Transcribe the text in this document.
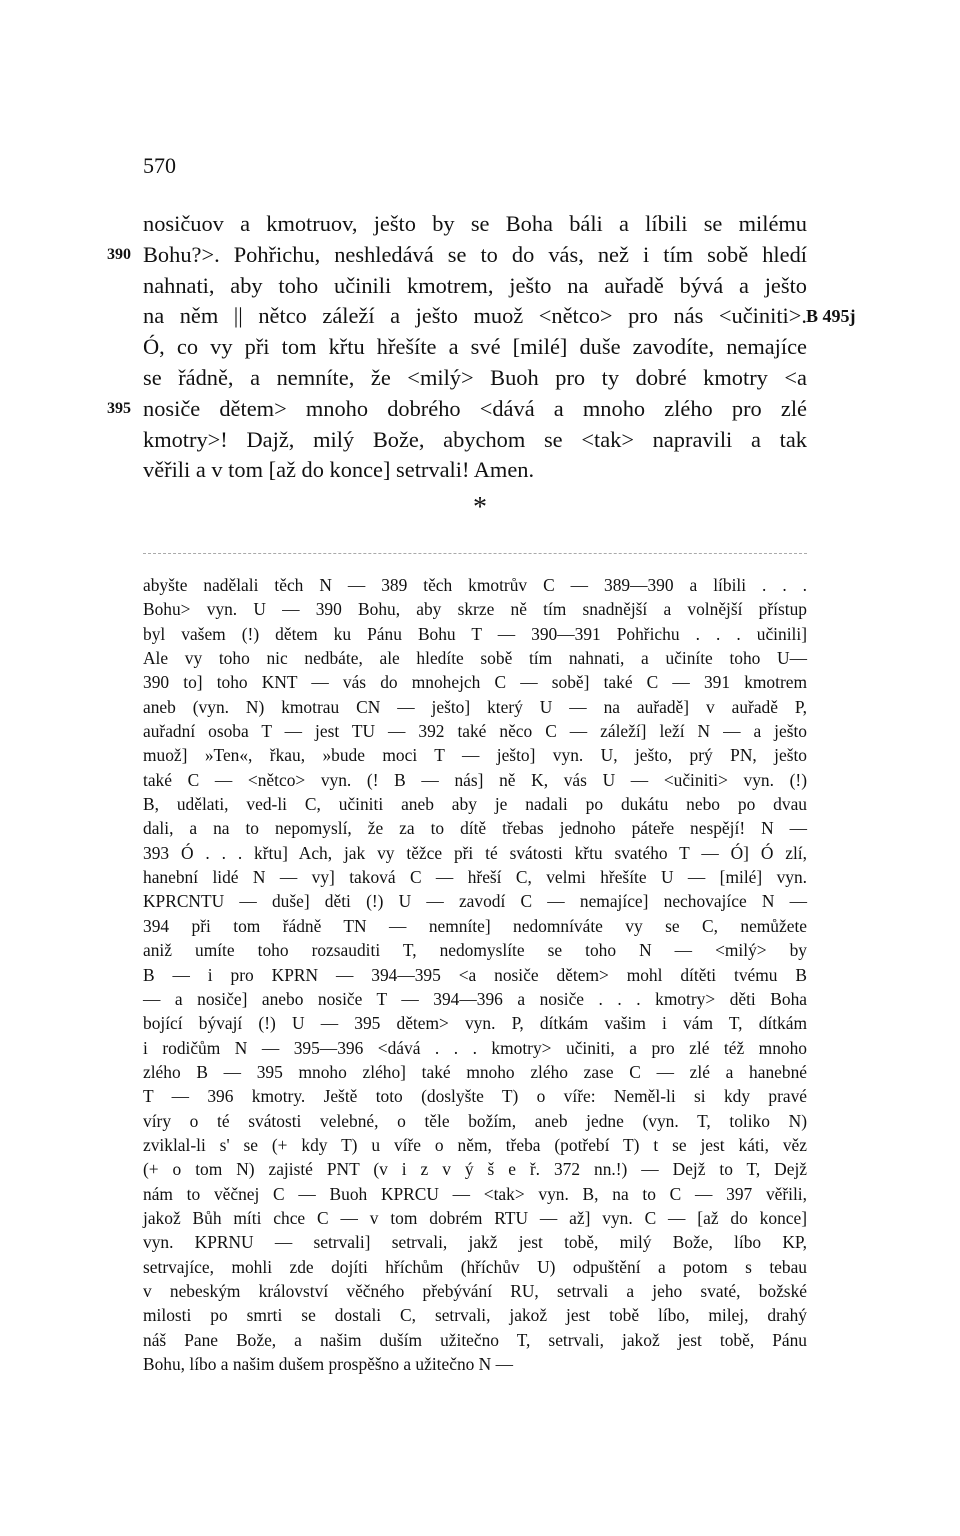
570
nosičuov a kmotruov, ješto by se Boha báli a líbili se milému
390 Bohu?>. Pohřichu, neshledává se to do vás, než i tím sobě hledí
nahnati, aby toho učinili kmotrem, ješto na auřadě bývá a ješto
na něm || nětco záleží a ješto muož <nětco> pro nás <učiniti>. B 495j
Ó, co vy při tom křtu hřešíte a své [milé] duše zavodíte, nemajíce
se řádně, a nemníte, že <milý> Buoh pro ty dobré kmotry <a
395 nosiče dětem> mnoho dobrého <dává a mnoho zlého pro zlé
kmotry>! Dajž, milý Bože, abychom se <tak> napravili a tak
věřili a v tom [až do konce] setrvali! Amen.
*
abyšte nadělali těch N — 389 těch kmotrův C — 389—390 a líbili . . .
Bohu> vyn. U — 390 Bohu, aby skrze ně tím snadnější a volnější přístup
byl vašem (!) dětem ku Pánu Bohu T — 390—391 Pohřichu . . . učinili]
Ale vy toho nic nedbáte, ale hledíte sobě tím nahnati, a učiníte toho U—
390 to] toho KNT — vás do mnohejch C — sobě] také C — 391 kmotrem
aneb (vyn. N) kmotrau CN — ješto] který U — na auřadě] v auřadě P,
auřadní osoba T — jest TU — 392 také něco C — záleží] leží N — a ješto
muož] »Ten«, řkau, »bude moci T — ješto] vyn. U, ješto, prý PN, ješto
také C — <nětco> vyn. (! B — nás] ně K, vás U — <učiniti> vyn. (!)
B, udělati, ved-li C, učiniti aneb aby je nadali po dukátu nebo po dvau
dali, a na to nepomyslí, že za to dítě třebas jednoho páteře nespějí! N —
393 Ó . . . křtu] Ach, jak vy těžce při té svátosti křtu svatého T — Ó] Ó zlí,
hanební lidé N — vy] taková C — hřeší C, velmi hřešíte U — [milé] vyn.
KPRCNTU — duše] děti (!) U — zavodí C — nemajíce] nechovajíce N —
394 při tom řádně TN — nemníte] nedomníváte vy se C, nemůžete
aniž umíte toho rozsauditi T, nedomyslíte se toho N — <milý> by
B — i pro KPRN — 394—395 <a nosiče dětem> mohl dítěti tvému B
— a nosiče] anebo nosiče T — 394—396 a nosiče . . . kmotry> děti Boha
bojící bývají (!) U — 395 dětem> vyn. P, dítkám vašim i vám T, dítkám
i rodičům N — 395—396 <dává . . . kmotry> učiniti, a pro zlé též mnoho
zlého B — 395 mnoho zlého] také mnoho zlého zase C — zlé a hanebné
T — 396 kmotry. Ještě toto (doslyšte T) o víře: Neměl-li si kdy pravé
víry o té svátosti velebné, o těle božím, aneb jedne (vyn. T, toliko N)
zviklal-li s' se (+ kdy T) u víře o něm, třeba (potřebí T) t se jest káti, věz
(+ o tom N) zajisté PNT (v i z v ý š e ř. 372 nn.!) — Dejž to T, Dejž
nám to věčnej C — Buoh KPRCU — <tak> vyn. B, na to C — 397 věřili,
jakož Bůh míti chce C — v tom dobrém RTU — až] vyn. C — [až do konce]
vyn. KPRNU — setrvali] setrvali, jakž jest tobě, milý Bože, líbo KP,
setrvajíce, mohli zde dojíti hříchům (hříchův U) odpuštění a potom s tebau
v nebeským království věčného přebývání RU, setrvali a jeho svaté, božské
milosti po smrti se dostali C, setrvali, jakož jest tobě líbo, milej, drahý
náš Pane Bože, a našim duším užitečno T, setrvali, jakož jest tobě, Pánu
Bohu, líbo a našim dušem prospěšno a užitečno N —
